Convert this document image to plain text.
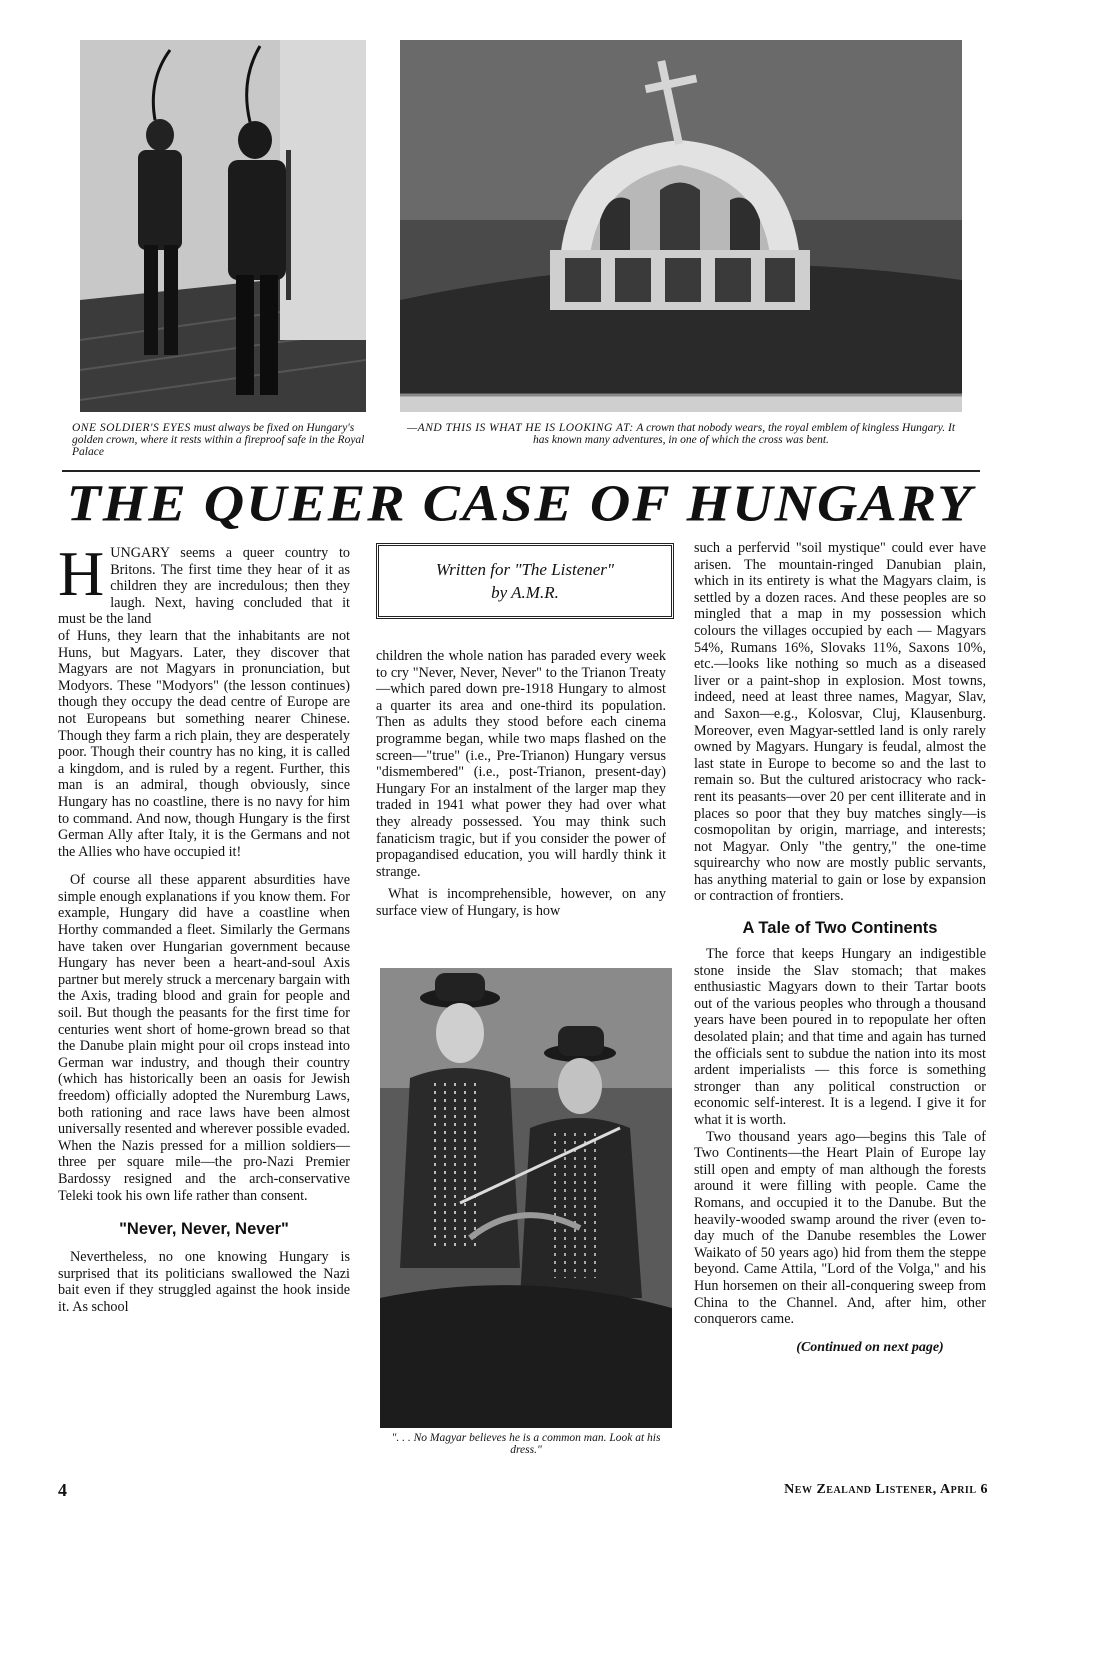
ONE SOLDIER'S EYES must always be fixed on Hungary's golden crown, where it rests within a fireproof safe in the Royal Palace
—AND THIS IS WHAT HE IS LOOKING AT: A crown that nobody wears, the royal emblem of kingless Hungary. It has known many adventures, in one of which the cross was bent.
THE QUEER CASE OF HUNGARY

H UNGARY seems a queer country to Britons. The first time they hear of it as children they are incredulous; then they laugh. Next, having concluded that it must be the land

of Huns, they learn that the inhabitants are not Huns, but Magyars. Later, they discover that Magyars are not Magyars in pronunciation, but Modyors. These "Modyors" (the lesson continues) though they occupy the dead centre of Europe are not Europeans but something nearer Chinese. Though they farm a rich plain, they are desperately poor. Though their country has no king, it is called a kingdom, and is ruled by a regent. Further, this man is an admiral, though obviously, since Hungary has no coastline, there is no navy for him to command. And now, though Hungary is the first German Ally after Italy, it is the Germans and not the Allies who have occupied it!

Of course all these apparent absurdities have simple enough explanations if you know them. For example, Hungary did have a coastline when Horthy commanded a fleet. Similarly the Germans have taken over Hungarian government because Hungary has never been a heart-and-soul Axis partner but merely struck a mercenary bargain with the Axis, trading blood and grain for people and soil. But though the peasants for the first time for centuries went short of home-grown bread so that the Danube plain might pour oil crops instead into German war industry, and though their country (which has historically been an oasis for Jewish freedom) officially adopted the Nuremburg Laws, both rationing and race laws have been almost universally resented and wherever possible evaded. When the Nazis pressed for a million soldiers—three per square mile—the pro-Nazi Premier Bardossy resigned and the arch-conservative Teleki took his own life rather than consent.

"Never, Never, Never"

Nevertheless, no one knowing Hungary is surprised that its politicians swallowed the Nazi bait even if they struggled against the hook inside it. As school

Written for "The Listener"
by A.M.R.

children the whole nation has paraded every week to cry "Never, Never, Never" to the Trianon Treaty—which pared down pre-1918 Hungary to almost a quarter its area and one-third its population. Then as adults they stood before each cinema programme began, while two maps flashed on the screen—"true" (i.e., Pre-Trianon) Hungary versus "dismembered" (i.e., post-Trianon, present-day) Hungary For an instalment of the larger map they traded in 1941 what power they had over what they already possessed. You may think such fanaticism tragic, but if you consider the power of propagandised education, you will hardly think it strange.

What is incomprehensible, however, on any surface view of Hungary, is how

". . . No Magyar believes he is a common man. Look at his dress."

such a perfervid "soil mystique" could ever have arisen. The mountain-ringed Danubian plain, which in its entirety is what the Magyars claim, is settled by a dozen races. And these peoples are so mingled that a map in my possession which colours the villages occupied by each — Magyars 54%, Rumans 16%, Slovaks 11%, Saxons 10%, etc.—looks like nothing so much as a diseased liver or a paint-shop in explosion. Most towns, indeed, need at least three names, Magyar, Slav, and Saxon—e.g., Kolosvar, Cluj, Klausenburg. Moreover, even Magyar-settled land is only rarely owned by Magyars. Hungary is feudal, almost the last state in Europe to become so and the last to remain so. But the cultured aristocracy who rack-rent its peasants—over 20 per cent illiterate and in places so poor that they buy matches singly—is cosmopolitan by origin, marriage, and interests; not Magyar. Only "the gentry," the one-time squirearchy who now are mostly public servants, has anything material to gain or lose by expansion or contraction of frontiers.

A Tale of Two Continents

The force that keeps Hungary an indigestible stone inside the Slav stomach; that makes enthusiastic Magyars down to their Tartar boots out of the various peoples who through a thousand years have been poured in to repopulate her often desolated plain; and that time and again has turned the officials sent to subdue the nation into its most ardent imperialists — this force is something stronger than any political construction or economic self-interest. It is a legend. I give it for what it is worth.

Two thousand years ago—begins this Tale of Two Continents—the Heart Plain of Europe lay still open and empty of man although the forests around it were filling with people. Came the Romans, and occupied it to the Danube. But the heavily-wooded swamp around the river (even to-day much of the Danube resembles the Lower Waikato of 50 years ago) hid from them the steppe beyond. Came Attila, "Lord of the Volga," and his Hun horsemen on their all-conquering sweep from China to the Channel. And, after him, other conquerors came.

(Continued on next page)
4	New Zealand Listener, April 6
